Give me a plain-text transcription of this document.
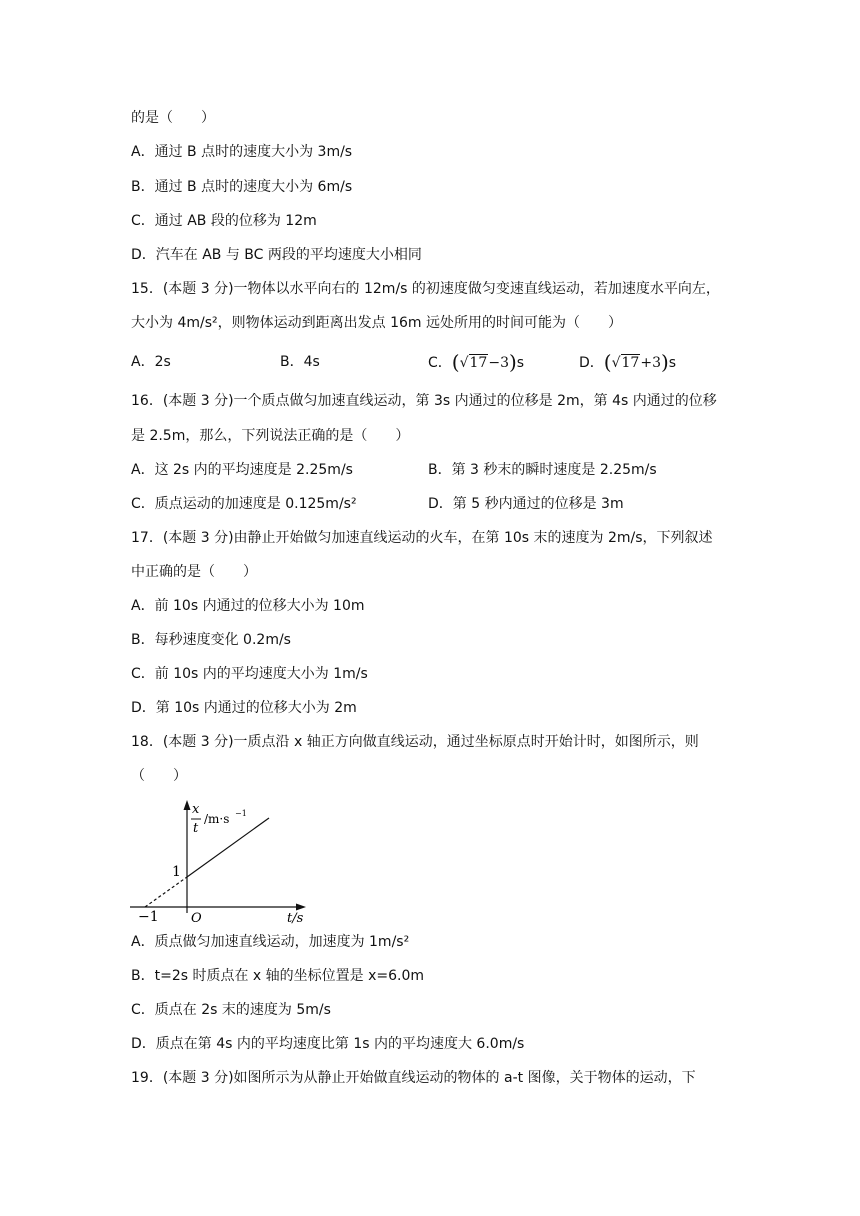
的是（　　）
A．通过 B 点时的速度大小为 3m/s
B．通过 B 点时的速度大小为 6m/s
C．通过 AB 段的位移为 12m
D．汽车在 AB 与 BC 两段的平均速度大小相同
15．(本题 3 分)一物体以水平向右的 12m/s 的初速度做匀变速直线运动，若加速度水平向左，
大小为 4m/s²，则物体运动到距离出发点 16m 远处所用的时间可能为（　　）
A．2s	B．4s	C．(√17−3)s	D．(√17+3)s
16．(本题 3 分)一个质点做匀加速直线运动，第 3s 内通过的位移是 2m，第 4s 内通过的位移
是 2.5m，那么，下列说法正确的是（　　）
A．这 2s 内的平均速度是 2.25m/s	B．第 3 秒末的瞬时速度是 2.25m/s
C．质点运动的加速度是 0.125m/s²	D．第 5 秒内通过的位移是 3m
17．(本题 3 分)由静止开始做匀加速直线运动的火车，在第 10s 末的速度为 2m/s，下列叙述
中正确的是（　　）
A．前 10s 内通过的位移大小为 10m
B．每秒速度变化 0.2m/s
C．前 10s 内的平均速度大小为 1m/s
D．第 10s 内通过的位移大小为 2m
18．(本题 3 分)一质点沿 x 轴正方向做直线运动，通过坐标原点时开始计时，如图所示，则
（　　）
x
t
/m·s −1
1
−1 O	t/s
A．质点做匀加速直线运动，加速度为 1m/s²
B．t=2s 时质点在 x 轴的坐标位置是 x=6.0m
C．质点在 2s 末的速度为 5m/s
D．质点在第 4s 内的平均速度比第 1s 内的平均速度大 6.0m/s
19．(本题 3 分)如图所示为从静止开始做直线运动的物体的 a-t 图像，关于物体的运动，下
